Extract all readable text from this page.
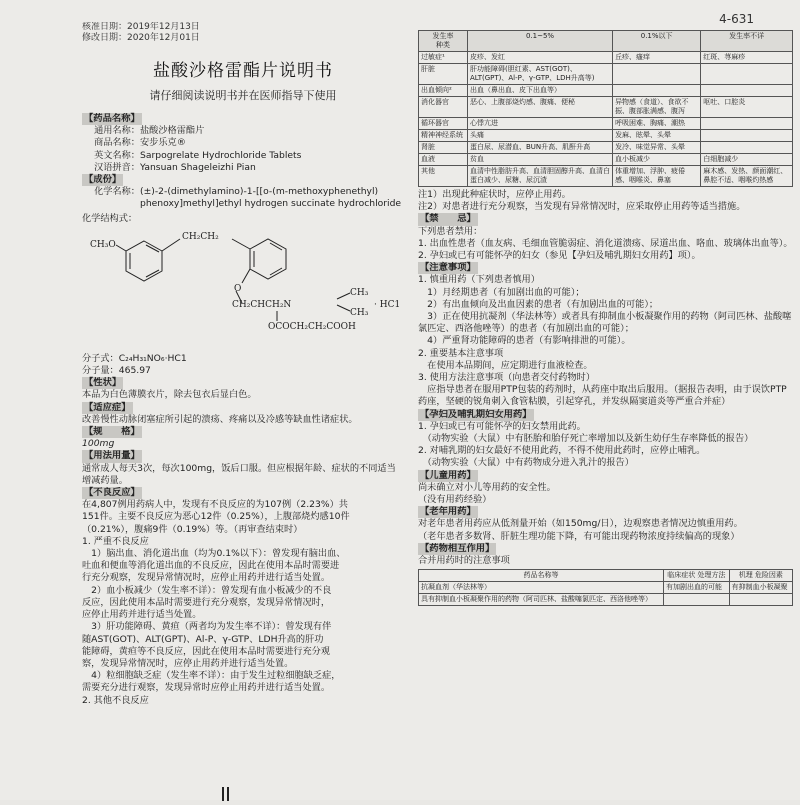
4-631
核准日期：2019年12月13日
修改日期：2020年12月01日
盐酸沙格雷酯片说明书
请仔细阅读说明书并在医师指导下使用
【药品名称】
通用名称： 盐酸沙格雷酯片
商品名称： 安步乐克®
英文名称： Sarpogrelate Hydrochloride Tablets
汉语拼音： Yansuan Shageleizhi Pian
【成份】
化学名称： (±)-2-(dimethylamino)-1-[[o-(m-methoxyphenethyl)
phenoxy]methyl]ethyl hydrogen succinate hydrochloride
化学结构式：
CH₃O
CH₂CH₂
O
CH₂CHCH₂N
CH₃
CH₃
· HC1
OCOCH₂CH₂COOH
分子式：C₂₄H₃₁NO₆·HC1
分子量：465.97
【性状】
本品为白色薄膜衣片，除去包衣后显白色。
【适应症】
改善慢性动脉闭塞症所引起的溃疡、疼痛以及冷感等缺血性诸症状。
【规　　格】
100mg
【用法用量】
通常成人每天3次，每次100mg，饭后口服。但应根据年龄、症状的不同适当增减药量。
【不良反应】
在4,807例用药病人中，发现有不良反应的为107例（2.23%）共
151件。主要不良反应为恶心12件（0.25%），上腹部烧灼感10件
（0.21%），腹痛9件（0.19%）等。（再审查结束时）
1. 严重不良反应
　1）脑出血、消化道出血（均为0.1%以下）：曾发现有脑出血、
吐血和便血等消化道出血的不良反应，因此在使用本品时需要进
行充分观察，发现异常情况时，应停止用药并进行适当处置。
　2）血小板减少（发生率不详）：曾发现有血小板减少的不良
反应，因此使用本品时需要进行充分观察，发现异常情况时，
应停止用药并进行适当处置。
　3）肝功能障碍、黄疸（两者均为发生率不详）：曾发现有伴
随AST(GOT)、ALT(GPT)、Al-P、γ-GTP、LDH升高的肝功
能障碍，黄疸等不良反应，因此在使用本品时需要进行充分观
察，发现异常情况时，应停止用药并进行适当处置。
　4）粒细胞缺乏症（发生率不详）：由于发生过粒细胞缺乏症，
需要充分进行观察，发现异常时应停止用药并进行适当处置。
2. 其他不良反应
发生率
种类	0.1~5%	0.1%以下	发生率不详
过敏症¹	皮疹、发红	丘疹、瘙痒	红斑、荨麻疹
肝脏	肝功能障碍(胆红素、AST(GOT)、ALT(GPT)、Al-P、γ-GTP、LDH升高等)		
出血倾向²	出血（鼻出血、皮下出血等）		
消化器官	恶心、上腹部烧灼感、腹痛、便秘	异物感（食道）、食欲不振、腹部胀满感、腹泻	呕吐、口腔炎
循环器官	心悸亢进	呼吸困难、胸痛、潮热	
精神神经系统	头痛	发麻、眩晕、头晕	
肾脏	蛋白尿、尿潜血、BUN升高、肌酐升高	发冷、味觉异常、头晕	
血液	贫血	血小板减少	白细胞减少
其他	血清中性脂肪升高、血清胆固醇升高、血清白蛋白减少、尿糖、尿沉渣	体重增加、浮肿、疲倦感、咽喉炎、鼻塞	麻木感、发热、颜面潮红、鼻腔不适、咽喉灼热感
注1）出现此种症状时，应停止用药。
注2）对患者进行充分观察，当发现有异常情况时，应采取停止用药等适当措施。
【禁　　忌】
下列患者禁用：
1. 出血性患者（血友病、毛细血管脆弱症、消化道溃疡、尿道出血、咯血、玻璃体出血等）。
2. 孕妇或已有可能怀孕的妇女（参见【孕妇及哺乳期妇女用药】项）。
【注意事项】
1. 慎重用药（下列患者慎用）
　1）月经期患者（有加剧出血的可能）；
　2）有出血倾向及出血因素的患者（有加剧出血的可能）；
　3）正在使用抗凝剂（华法林等）或者具有抑制血小板凝聚作用的药物（阿司匹林、盐酸噻氯匹定、西洛他唑等）的患者（有加剧出血的可能）；
　4）严重肾功能障碍的患者（有影响排泄的可能）。
2. 重要基本注意事项
　在使用本品期间，应定期进行血液检查。
3. 使用方法注意事项（向患者交付药物时）
　应指导患者在服用PTP包装的药剂时，从药座中取出后服用。（据报告表明，由于误饮PTP药座，坚硬的锐角刺入食管粘膜，引起穿孔，并发纵隔窦道炎等严重合并症）
【孕妇及哺乳期妇女用药】
1. 孕妇或已有可能怀孕的妇女禁用此药。
　（动物实验（大鼠）中有胚胎和胎仔死亡率增加以及新生幼仔生存率降低的报告）
2. 对哺乳期的妇女最好不使用此药，不得不使用此药时，应停止哺乳。
　（动物实验（大鼠）中有药物成分进入乳汁的报告）
【儿童用药】
尚未确立对小儿等用药的安全性。
（没有用药经验）
【老年用药】
对老年患者用药应从低剂量开始（如150mg/日），边观察患者情况边慎重用药。
（老年患者多数肾、肝脏生理功能下降，有可能出现药物浓度持续偏高的现象）
【药物相互作用】
合并用药时的注意事项
药品名称等	临床症状 处理方法	机理 危险因素
抗凝血剂（华法林等）	有加剧出血的可能	有抑制血小板凝聚
具有抑制血小板凝聚作用的药物（阿司匹林、盐酸噻氯匹定、西洛他唑等）		
